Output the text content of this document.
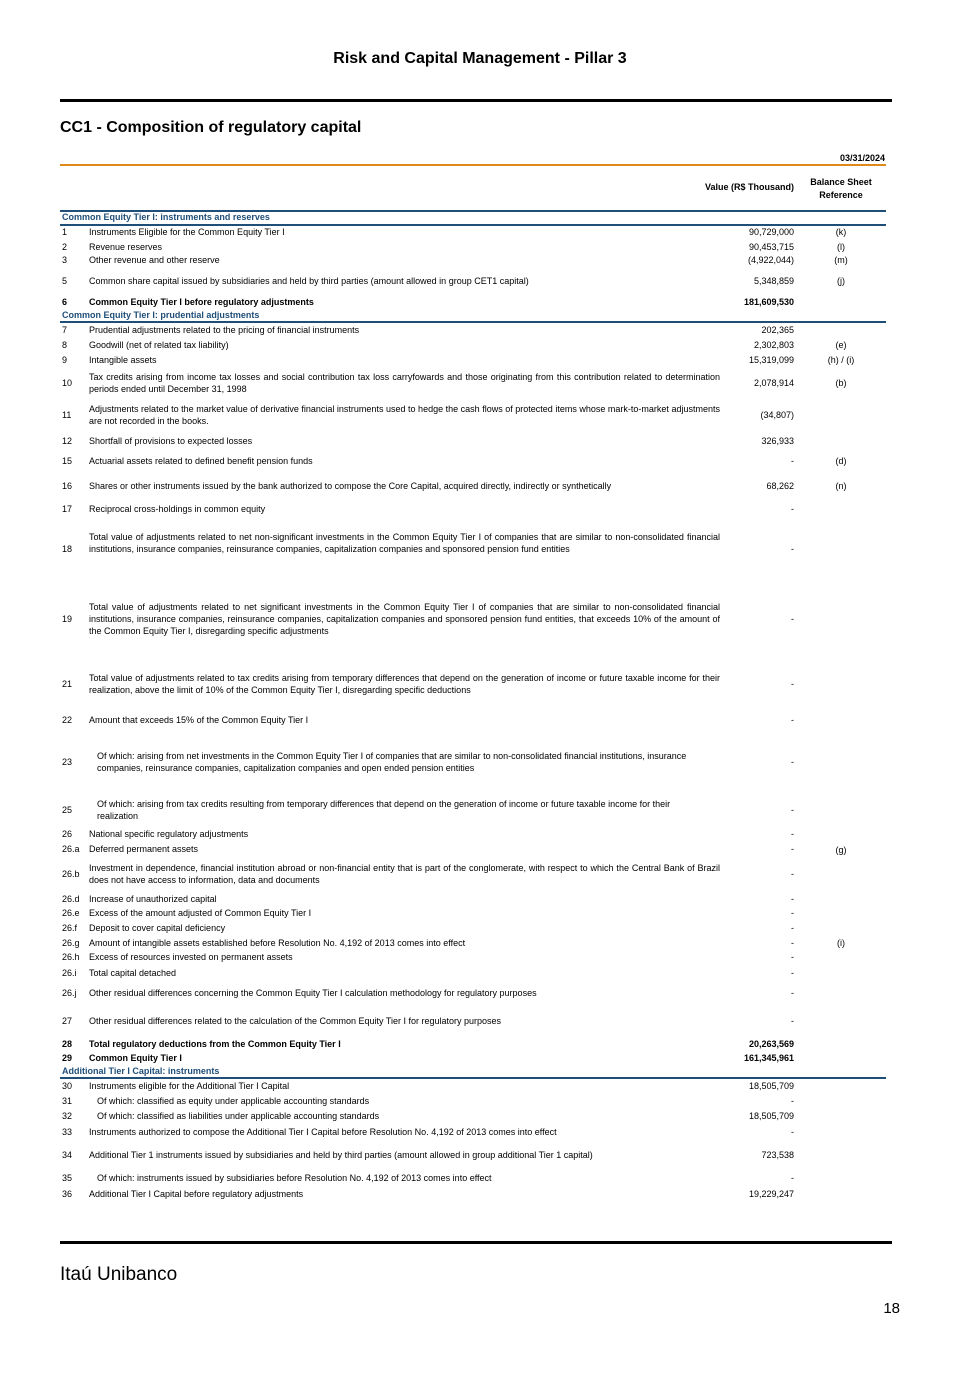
Risk and Capital Management - Pillar 3
CC1 - Composition of regulatory capital
03/31/2024
Value (R$ Thousand)	Balance Sheet
Reference
Common Equity Tier I: instruments and reserves
1 Instruments Eligible for the Common Equity Tier I	90,729,000	(k)
2 Revenue reserves	90,453,715	(l)
3 Other revenue and other reserve	(4,922,044)	(m)
5 Common share capital issued by subsidiaries and held by third parties (amount allowed in group CET1 capital)	5,348,859	(j)
6 Common Equity Tier I before regulatory adjustments	181,609,530
Common Equity Tier I: prudential adjustments
7 Prudential adjustments related to the pricing of financial instruments	202,365
8 Goodwill (net of related tax liability)	2,302,803	(e)
9 Intangible assets	15,319,099	(h) / (i)
10
Tax credits arising from income tax losses and social contribution tax loss carryfowards and those originating from this contribution related to determination periods ended until December 31, 1998
2,078,914	(b)
11
Adjustments related to the market value of derivative financial instruments used to hedge the cash flows of protected items whose mark-to-market adjustments are not recorded in the books.
(34,807)
12 Shortfall of provisions to expected losses	326,933
15 Actuarial assets related to defined benefit pension funds	-	(d)
16 Shares or other instruments issued by the bank authorized to compose the Core Capital, acquired directly, indirectly or synthetically	68,262	(n)
17 Reciprocal cross-holdings in common equity	-
18
Total value of adjustments related to net non-significant investments in the Common Equity Tier I of companies that are similar to non-consolidated financial institutions, insurance companies, reinsurance companies, capitalization companies and sponsored pension fund entities	-
19
Total value of adjustments related to net significant investments in the Common Equity Tier I of companies that are similar to non-consolidated financial institutions, insurance companies, reinsurance companies, capitalization companies and sponsored pension fund entities, that exceeds 10% of the amount of the Common Equity Tier I, disregarding specific adjustments
-
21
Total value of adjustments related to tax credits arising from temporary differences that depend on the generation of income or future taxable income for their realization, above the limit of 10% of the Common Equity Tier I, disregarding specific deductions
-
22 Amount that exceeds 15% of the Common Equity Tier I	-
23
Of which: arising from net investments in the Common Equity Tier I of companies that are similar to non-consolidated financial institutions, insurance companies, reinsurance companies, capitalization companies and open ended pension entities
-
25
Of which: arising from tax credits resulting from temporary differences that depend on the generation of income or future taxable income for their realization
-
26 National specific regulatory adjustments	-
26.a Deferred permanent assets	-	(g)
26.b
Investment in dependence, financial institution abroad or non-financial entity that is part of the conglomerate, with respect to which the Central Bank of Brazil does not have access to information, data and documents
-
26.d Increase of unauthorized capital	-
26.e Excess of the amount adjusted of Common Equity Tier I	-
26.f Deposit to cover capital deficiency	-
26.g Amount of intangible assets established before Resolution No. 4,192 of 2013 comes into effect	-	(i)
26.h Excess of resources invested on permanent assets	-
26.i Total capital detached	-
26.j Other residual differences concerning the Common Equity Tier I calculation methodology for regulatory purposes	-
27 Other residual differences related to the calculation of the Common Equity Tier I for regulatory purposes	-
28 Total regulatory deductions from the Common Equity Tier I	20,263,569
29 Common Equity Tier I	161,345,961
Additional Tier I Capital: instruments
30 Instruments eligible for the Additional Tier I Capital	18,505,709
31	Of which: classified as equity under applicable accounting standards	-
32	Of which: classified as liabilities under applicable accounting standards	18,505,709
33 Instruments authorized to compose the Additional Tier I Capital before Resolution No. 4,192 of 2013 comes into effect	-
34 Additional Tier 1 instruments issued by subsidiaries and held by third parties (amount allowed in group additional Tier 1 capital)	723,538
35	Of which: instruments issued by subsidiaries before Resolution No. 4,192 of 2013 comes into effect	-
36 Additional Tier I Capital before regulatory adjustments	19,229,247
Itaú Unibanco
18
